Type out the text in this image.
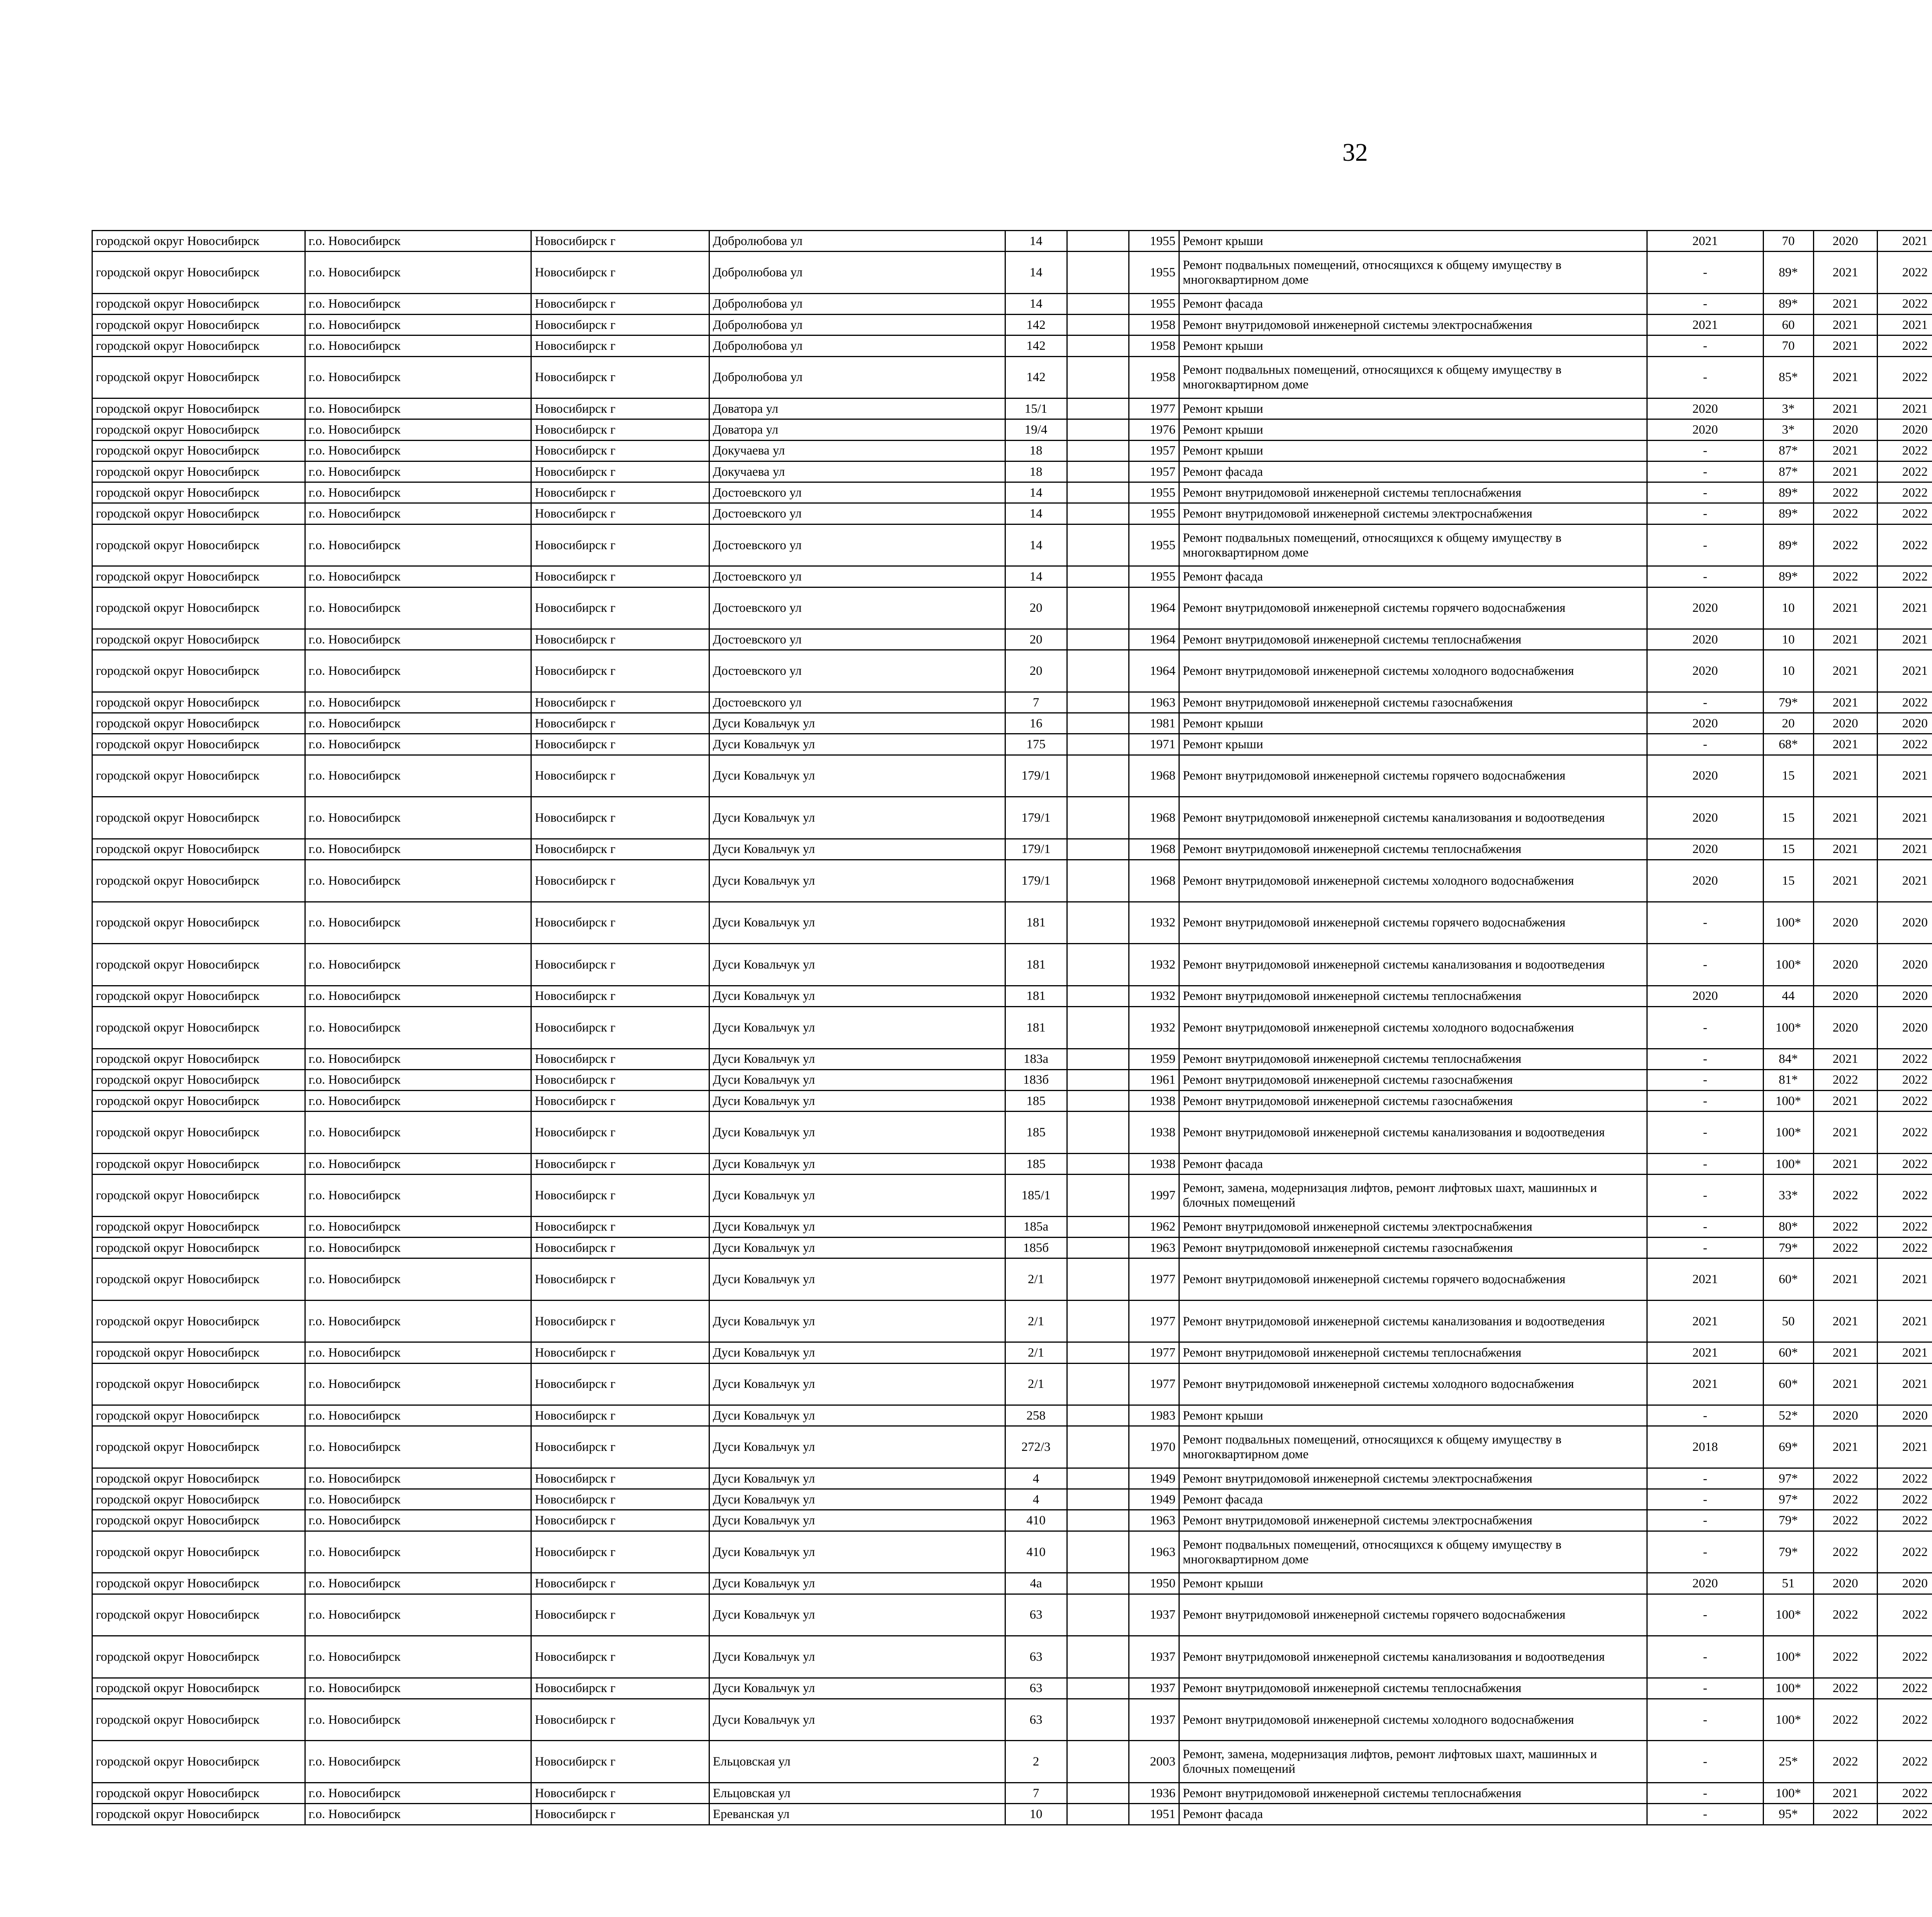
32
городской округ Новосибирск	г.о. Новосибирск	Новосибирск г	Добролюбова ул	14		1955	Ремонт крыши	2021	70	2020	2021						
городской округ Новосибирск	г.о. Новосибирск	Новосибирск г	Добролюбова ул	14		1955	Ремонт подвальных помещений, относящихся к общему имуществу в многоквартирном доме	-	89*	2021	2022						
городской округ Новосибирск	г.о. Новосибирск	Новосибирск г	Добролюбова ул	14		1955	Ремонт фасада	-	89*	2021	2022						
городской округ Новосибирск	г.о. Новосибирск	Новосибирск г	Добролюбова ул	142		1958	Ремонт внутридомовой инженерной системы электроснабжения	2021	60	2021	2021						
городской округ Новосибирск	г.о. Новосибирск	Новосибирск г	Добролюбова ул	142		1958	Ремонт крыши	-	70	2021	2022						
городской округ Новосибирск	г.о. Новосибирск	Новосибирск г	Добролюбова ул	142		1958	Ремонт подвальных помещений, относящихся к общему имуществу в многоквартирном доме	-	85*	2021	2022						
городской округ Новосибирск	г.о. Новосибирск	Новосибирск г	Доватора ул	15/1		1977	Ремонт крыши	2020	3*	2021	2021						
городской округ Новосибирск	г.о. Новосибирск	Новосибирск г	Доватора ул	19/4		1976	Ремонт крыши	2020	3*	2020	2020						
городской округ Новосибирск	г.о. Новосибирск	Новосибирск г	Докучаева ул	18		1957	Ремонт крыши	-	87*	2021	2022						
городской округ Новосибирск	г.о. Новосибирск	Новосибирск г	Докучаева ул	18		1957	Ремонт фасада	-	87*	2021	2022						
городской округ Новосибирск	г.о. Новосибирск	Новосибирск г	Достоевского ул	14		1955	Ремонт внутридомовой инженерной системы теплоснабжения	-	89*	2022	2022						
городской округ Новосибирск	г.о. Новосибирск	Новосибирск г	Достоевского ул	14		1955	Ремонт внутридомовой инженерной системы электроснабжения	-	89*	2022	2022						
городской округ Новосибирск	г.о. Новосибирск	Новосибирск г	Достоевского ул	14		1955	Ремонт подвальных помещений, относящихся к общему имуществу в многоквартирном доме	-	89*	2022	2022						
городской округ Новосибирск	г.о. Новосибирск	Новосибирск г	Достоевского ул	14		1955	Ремонт фасада	-	89*	2022	2022						
городской округ Новосибирск	г.о. Новосибирск	Новосибирск г	Достоевского ул	20		1964	Ремонт внутридомовой инженерной системы горячего водоснабжения	2020	10	2021	2021						
городской округ Новосибирск	г.о. Новосибирск	Новосибирск г	Достоевского ул	20		1964	Ремонт внутридомовой инженерной системы теплоснабжения	2020	10	2021	2021						
городской округ Новосибирск	г.о. Новосибирск	Новосибирск г	Достоевского ул	20		1964	Ремонт внутридомовой инженерной системы холодного водоснабжения	2020	10	2021	2021						
городской округ Новосибирск	г.о. Новосибирск	Новосибирск г	Достоевского ул	7		1963	Ремонт внутридомовой инженерной системы газоснабжения	-	79*	2021	2022						
городской округ Новосибирск	г.о. Новосибирск	Новосибирск г	Дуси Ковальчук ул	16		1981	Ремонт крыши	2020	20	2020	2020						
городской округ Новосибирск	г.о. Новосибирск	Новосибирск г	Дуси Ковальчук ул	175		1971	Ремонт крыши	-	68*	2021	2022						
городской округ Новосибирск	г.о. Новосибирск	Новосибирск г	Дуси Ковальчук ул	179/1		1968	Ремонт внутридомовой инженерной системы горячего водоснабжения	2020	15	2021	2021						
городской округ Новосибирск	г.о. Новосибирск	Новосибирск г	Дуси Ковальчук ул	179/1		1968	Ремонт внутридомовой инженерной системы канализования и водоотведения	2020	15	2021	2021						
городской округ Новосибирск	г.о. Новосибирск	Новосибирск г	Дуси Ковальчук ул	179/1		1968	Ремонт внутридомовой инженерной системы теплоснабжения	2020	15	2021	2021						
городской округ Новосибирск	г.о. Новосибирск	Новосибирск г	Дуси Ковальчук ул	179/1		1968	Ремонт внутридомовой инженерной системы холодного водоснабжения	2020	15	2021	2021						
городской округ Новосибирск	г.о. Новосибирск	Новосибирск г	Дуси Ковальчук ул	181		1932	Ремонт внутридомовой инженерной системы горячего водоснабжения	-	100*	2020	2020						
городской округ Новосибирск	г.о. Новосибирск	Новосибирск г	Дуси Ковальчук ул	181		1932	Ремонт внутридомовой инженерной системы канализования и водоотведения	-	100*	2020	2020						
городской округ Новосибирск	г.о. Новосибирск	Новосибирск г	Дуси Ковальчук ул	181		1932	Ремонт внутридомовой инженерной системы теплоснабжения	2020	44	2020	2020						
городской округ Новосибирск	г.о. Новосибирск	Новосибирск г	Дуси Ковальчук ул	181		1932	Ремонт внутридомовой инженерной системы холодного водоснабжения	-	100*	2020	2020						
городской округ Новосибирск	г.о. Новосибирск	Новосибирск г	Дуси Ковальчук ул	183а		1959	Ремонт внутридомовой инженерной системы теплоснабжения	-	84*	2021	2022						
городской округ Новосибирск	г.о. Новосибирск	Новосибирск г	Дуси Ковальчук ул	183б		1961	Ремонт внутридомовой инженерной системы газоснабжения	-	81*	2022	2022						
городской округ Новосибирск	г.о. Новосибирск	Новосибирск г	Дуси Ковальчук ул	185		1938	Ремонт внутридомовой инженерной системы газоснабжения	-	100*	2021	2022						
городской округ Новосибирск	г.о. Новосибирск	Новосибирск г	Дуси Ковальчук ул	185		1938	Ремонт внутридомовой инженерной системы канализования и водоотведения	-	100*	2021	2022						
городской округ Новосибирск	г.о. Новосибирск	Новосибирск г	Дуси Ковальчук ул	185		1938	Ремонт фасада	-	100*	2021	2022						
городской округ Новосибирск	г.о. Новосибирск	Новосибирск г	Дуси Ковальчук ул	185/1		1997	Ремонт, замена, модернизация лифтов, ремонт лифтовых шахт, машинных и блочных помещений	-	33*	2022	2022						
городской округ Новосибирск	г.о. Новосибирск	Новосибирск г	Дуси Ковальчук ул	185а		1962	Ремонт внутридомовой инженерной системы электроснабжения	-	80*	2022	2022						
городской округ Новосибирск	г.о. Новосибирск	Новосибирск г	Дуси Ковальчук ул	185б		1963	Ремонт внутридомовой инженерной системы газоснабжения	-	79*	2022	2022						
городской округ Новосибирск	г.о. Новосибирск	Новосибирск г	Дуси Ковальчук ул	2/1		1977	Ремонт внутридомовой инженерной системы горячего водоснабжения	2021	60*	2021	2021						
городской округ Новосибирск	г.о. Новосибирск	Новосибирск г	Дуси Ковальчук ул	2/1		1977	Ремонт внутридомовой инженерной системы канализования и водоотведения	2021	50	2021	2021						
городской округ Новосибирск	г.о. Новосибирск	Новосибирск г	Дуси Ковальчук ул	2/1		1977	Ремонт внутридомовой инженерной системы теплоснабжения	2021	60*	2021	2021						
городской округ Новосибирск	г.о. Новосибирск	Новосибирск г	Дуси Ковальчук ул	2/1		1977	Ремонт внутридомовой инженерной системы холодного водоснабжения	2021	60*	2021	2021						
городской округ Новосибирск	г.о. Новосибирск	Новосибирск г	Дуси Ковальчук ул	258		1983	Ремонт крыши	-	52*	2020	2020						
городской округ Новосибирск	г.о. Новосибирск	Новосибирск г	Дуси Ковальчук ул	272/3		1970	Ремонт подвальных помещений, относящихся к общему имуществу в многоквартирном доме	2018	69*	2021	2021						
городской округ Новосибирск	г.о. Новосибирск	Новосибирск г	Дуси Ковальчук ул	4		1949	Ремонт внутридомовой инженерной системы электроснабжения	-	97*	2022	2022						
городской округ Новосибирск	г.о. Новосибирск	Новосибирск г	Дуси Ковальчук ул	4		1949	Ремонт фасада	-	97*	2022	2022						
городской округ Новосибирск	г.о. Новосибирск	Новосибирск г	Дуси Ковальчук ул	410		1963	Ремонт внутридомовой инженерной системы электроснабжения	-	79*	2022	2022						
городской округ Новосибирск	г.о. Новосибирск	Новосибирск г	Дуси Ковальчук ул	410		1963	Ремонт подвальных помещений, относящихся к общему имуществу в многоквартирном доме	-	79*	2022	2022						
городской округ Новосибирск	г.о. Новосибирск	Новосибирск г	Дуси Ковальчук ул	4а		1950	Ремонт крыши	2020	51	2020	2020						
городской округ Новосибирск	г.о. Новосибирск	Новосибирск г	Дуси Ковальчук ул	63		1937	Ремонт внутридомовой инженерной системы горячего водоснабжения	-	100*	2022	2022						
городской округ Новосибирск	г.о. Новосибирск	Новосибирск г	Дуси Ковальчук ул	63		1937	Ремонт внутридомовой инженерной системы канализования и водоотведения	-	100*	2022	2022						
городской округ Новосибирск	г.о. Новосибирск	Новосибирск г	Дуси Ковальчук ул	63		1937	Ремонт внутридомовой инженерной системы теплоснабжения	-	100*	2022	2022						
городской округ Новосибирск	г.о. Новосибирск	Новосибирск г	Дуси Ковальчук ул	63		1937	Ремонт внутридомовой инженерной системы холодного водоснабжения	-	100*	2022	2022						
городской округ Новосибирск	г.о. Новосибирск	Новосибирск г	Ельцовская ул	2		2003	Ремонт, замена, модернизация лифтов, ремонт лифтовых шахт, машинных и блочных помещений	-	25*	2022	2022						
городской округ Новосибирск	г.о. Новосибирск	Новосибирск г	Ельцовская ул	7		1936	Ремонт внутридомовой инженерной системы теплоснабжения	-	100*	2021	2022						
городской округ Новосибирск	г.о. Новосибирск	Новосибирск г	Ереванская ул	10		1951	Ремонт фасада	-	95*	2022	2022						
